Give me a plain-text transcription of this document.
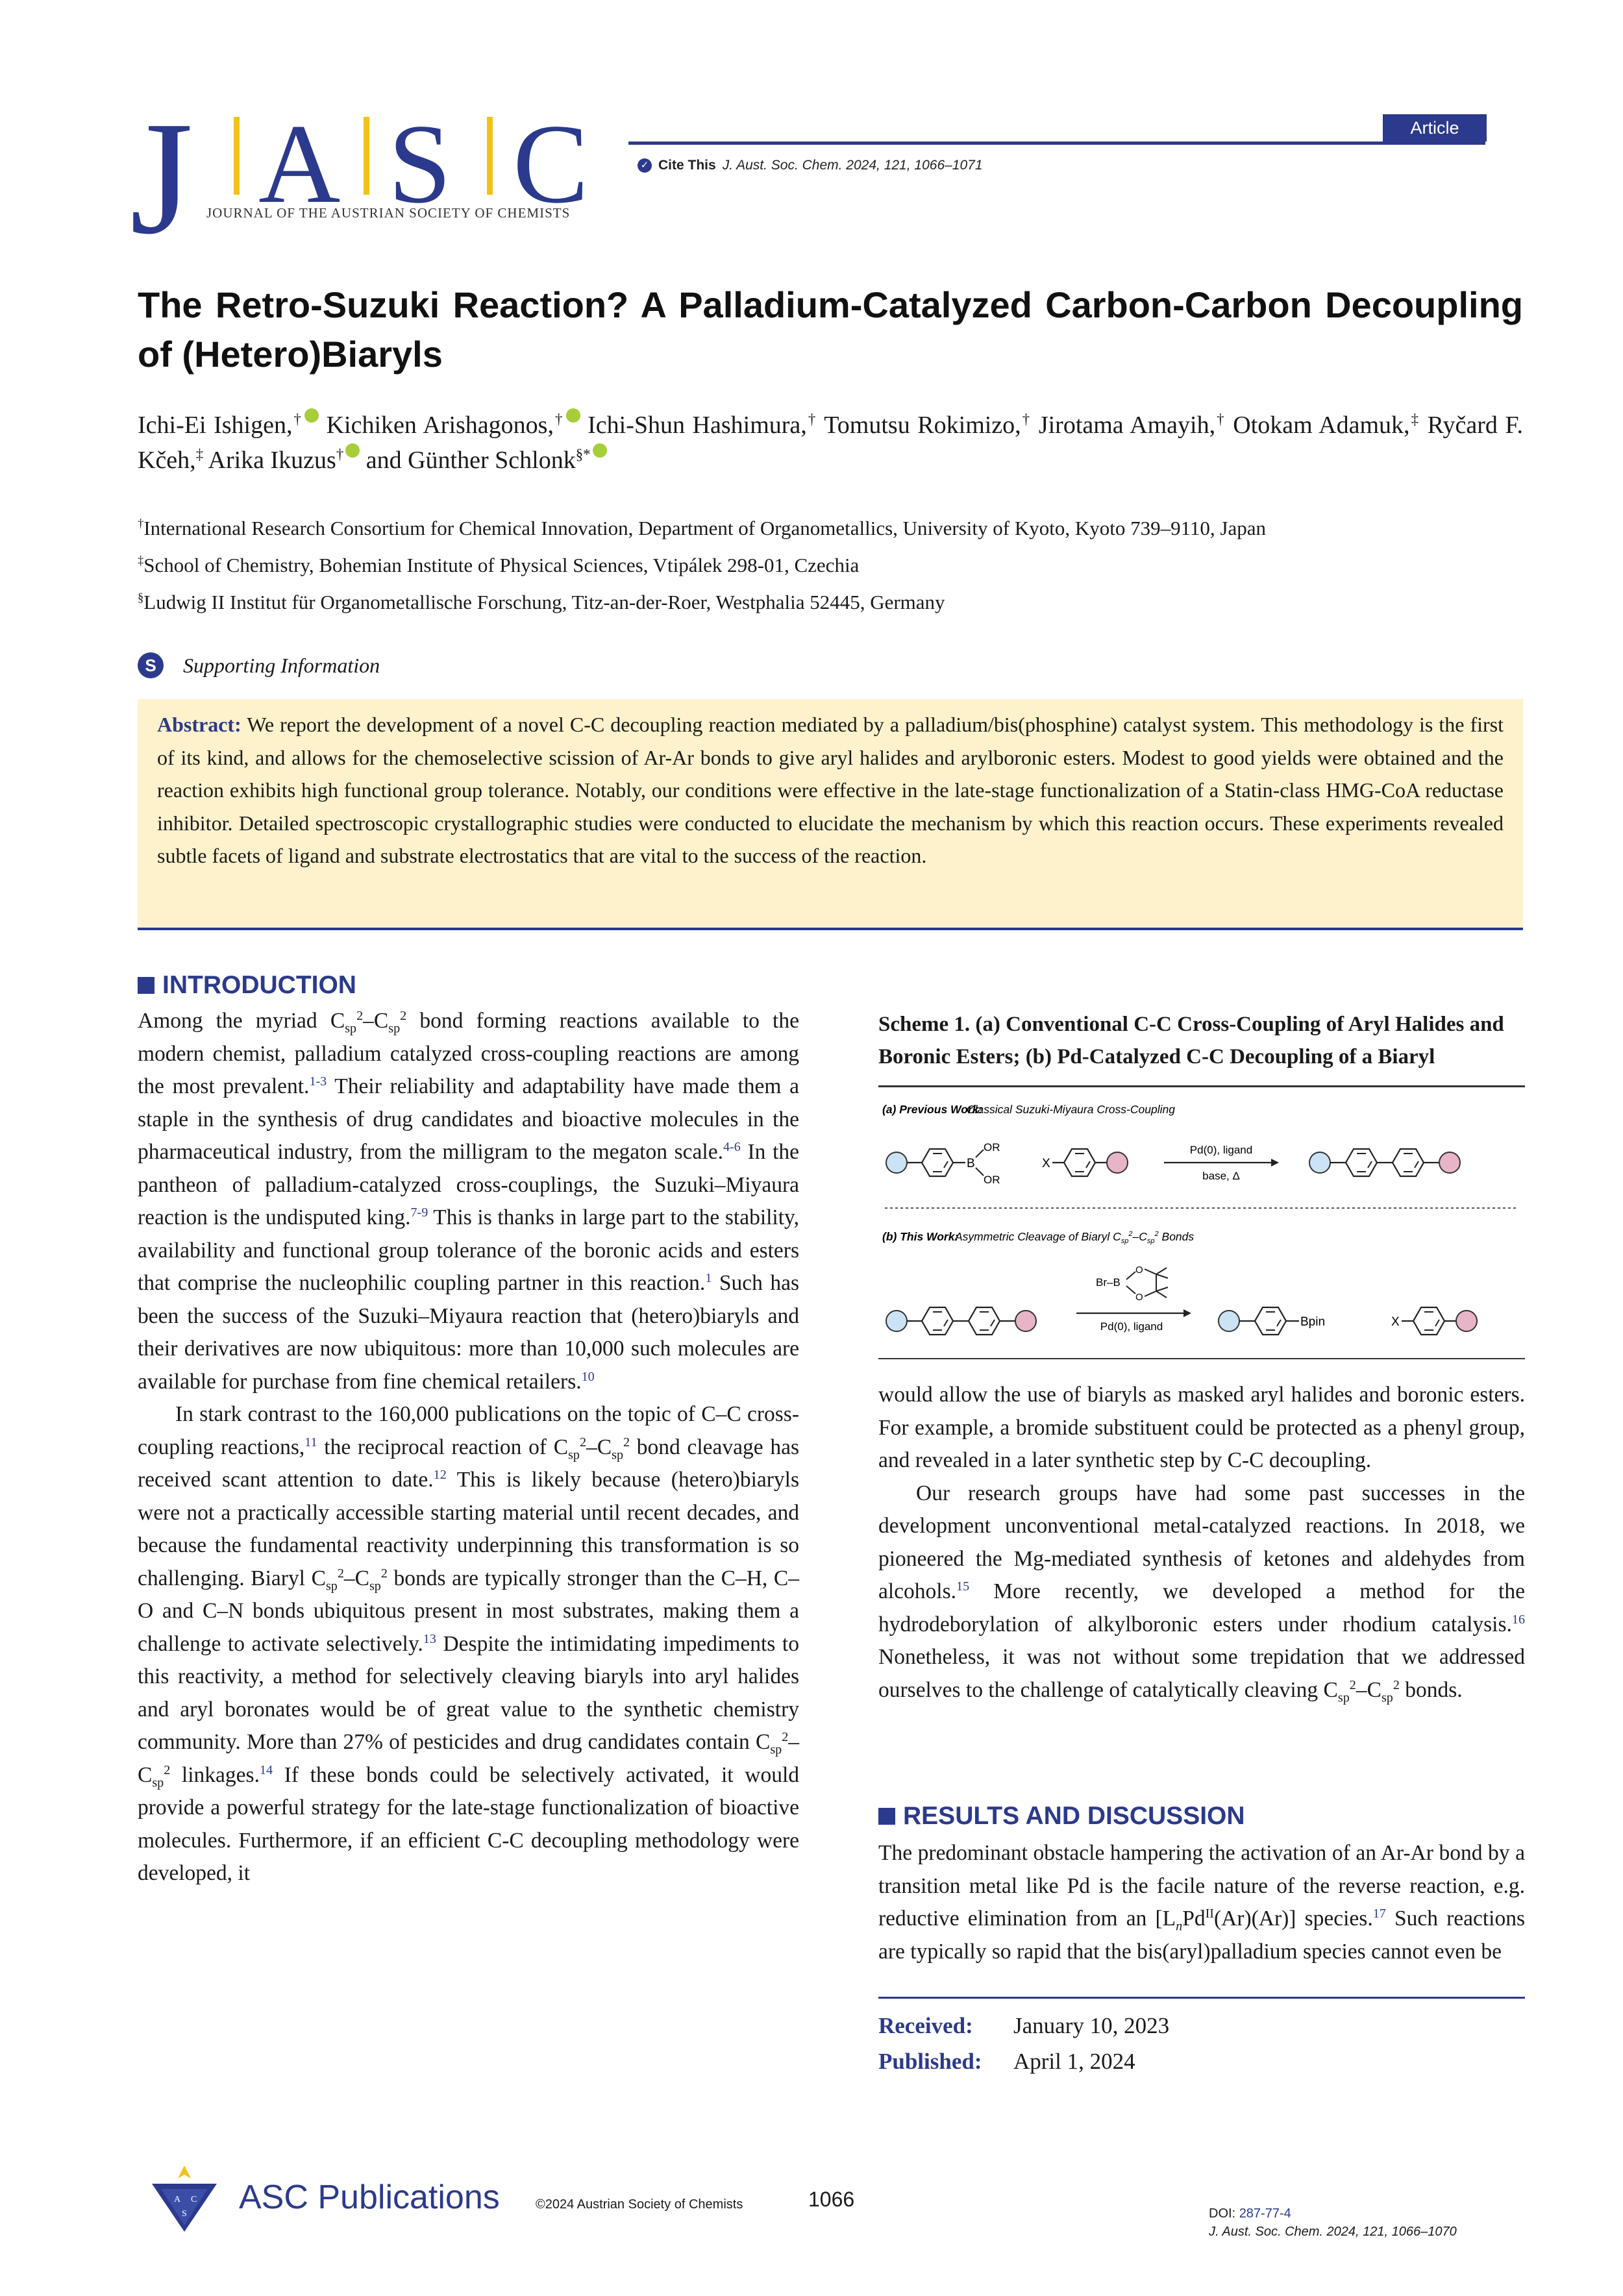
J A S C
JOURNAL OF THE AUSTRIAN SOCIETY OF CHEMISTS
Article
✓ Cite This J. Aust. Soc. Chem. 2024, 121, 1066–1071
The Retro-Suzuki Reaction? A Palladium-Catalyzed Carbon-Carbon Decoupling of (Hetero)Biaryls
Ichi-Ei Ishigen,† Kichiken Arishagonos,† Ichi-Shun Hashimura,† Tomutsu Rokimizo,† Jirotama Amayih,† Otokam Adamuk,‡ Ryčard F. Kčeh,‡ Arika Ikuzus† and Günther Schlonk§*
†International Research Consortium for Chemical Innovation, Department of Organometallics, University of Kyoto, Kyoto 739–9110, Japan
‡School of Chemistry, Bohemian Institute of Physical Sciences, Vtipálek 298-01, Czechia
§Ludwig II Institut für Organometallische Forschung, Titz-an-der-Roer, Westphalia 52445, Germany
S	Supporting Information

Abstract: We report the development of a novel C-C decoupling reaction mediated by a palladium/bis(phosphine) catalyst system. This methodology is the first of its kind, and allows for the chemoselective scission of Ar-Ar bonds to give aryl halides and arylboronic esters. Modest to good yields were obtained and the reaction exhibits high functional group tolerance. Notably, our conditions were effective in the late-stage functionalization of a Statin-class HMG-CoA reductase inhibitor. Detailed spectroscopic crystallographic studies were conducted to elucidate the mechanism by which this reaction occurs. These experiments revealed subtle facets of ligand and substrate electrostatics that are vital to the success of the reaction.

INTRODUCTION

Among the myriad $C_{sp}^2-C_{sp}^2$ bond forming reactions available to the modern chemist, palladium catalyzed cross-coupling reactions are among the most prevalent.$^{1-3}$ Their reliability and adaptability have made them a staple in the synthesis of drug candidates and bioactive molecules in the pharmaceutical industry, from the milligram to the megaton scale.$^{4-6}$ In the pantheon of palladium-catalyzed cross-couplings, the Suzuki–Miyaura reaction is the undisputed king.$^{7-9}$ This is thanks in large part to the stability, availability and functional group tolerance of the boronic acids and esters that comprise the nucleophilic coupling partner in this reaction.$^1$ Such has been the success of the Suzuki–Miyaura reaction that (hetero)biaryls and their derivatives are now ubiquitous: more than 10,000 such molecules are available for purchase from fine chemical retailers.$^{10}$

In stark contrast to the 160,000 publications on the topic of C–C cross-coupling reactions,$^{11}$ the reciprocal reaction of $C_{sp}^2-C_{sp}^2$ bond cleavage has received scant attention to date.$^{12}$ This is likely because (hetero)biaryls were not a practically accessible starting material until recent decades, and because the fundamental reactivity underpinning this transformation is so challenging. Biaryl $C_{sp}^2-C_{sp}^2$ bonds are typically stronger than the C–H, C–O and C–N bonds ubiquitous present in most substrates, making them a challenge to activate selectively.$^{13}$ Despite the intimidating impediments to this reactivity, a method for selectively cleaving biaryls into aryl halides and aryl boronates would be of great value to the synthetic chemistry community. More than 27% of pesticides and drug candidates contain $C_{sp}^2-C_{sp}^2$ linkages.$^{14}$ If these bonds could be selectively activated, it would provide a powerful strategy for the late-stage functionalization of bioactive molecules. Furthermore, if an efficient C-C decoupling methodology were developed, it

Scheme 1. (a) Conventional C-C Cross-Coupling of Aryl Halides and Boronic Esters; (b) Pd-Catalyzed C-C Decoupling of a Biaryl
(a) Previous Work:
Classical Suzuki-Miyaura Cross-Coupling
B
OR
OR
X
Pd(0), ligand
base, Δ
(b) This Work:
Asymmetric Cleavage of Biaryl $C_{sp}^2-C_{sp}^2$ Bonds
Br–B
O
O
Pd(0), ligand	Bpin	X

would allow the use of biaryls as masked aryl halides and boronic esters. For example, a bromide substituent could be protected as a phenyl group, and revealed in a later synthetic step by C-C decoupling.

Our research groups have had some past successes in the development unconventional metal-catalyzed reactions. In 2018, we pioneered the Mg-mediated synthesis of ketones and aldehydes from alcohols.$^{15}$ More recently, we developed a method for the hydrodeborylation of alkylboronic esters under rhodium catalysis.$^{16}$ Nonetheless, it was not without some trepidation that we addressed ourselves to the challenge of catalytically cleaving $C_{sp}^2-C_{sp}^2$ bonds.

RESULTS AND DISCUSSION

The predominant obstacle hampering the activation of an Ar-Ar bond by a transition metal like Pd is the facile nature of the reverse reaction, e.g. reductive elimination from an $[L_nPd^{II}(Ar)(Ar)]$ species.$^{17}$ Such reactions are typically so rapid that the bis(aryl)palladium species cannot even be

Received: January 10, 2023
Published: April 1, 2024
A C
S ASC Publications	©2024 Austrian Society of Chemists	1066
DOI: 287-77-4
J. Aust. Soc. Chem. 2024, 121, 1066–1070
